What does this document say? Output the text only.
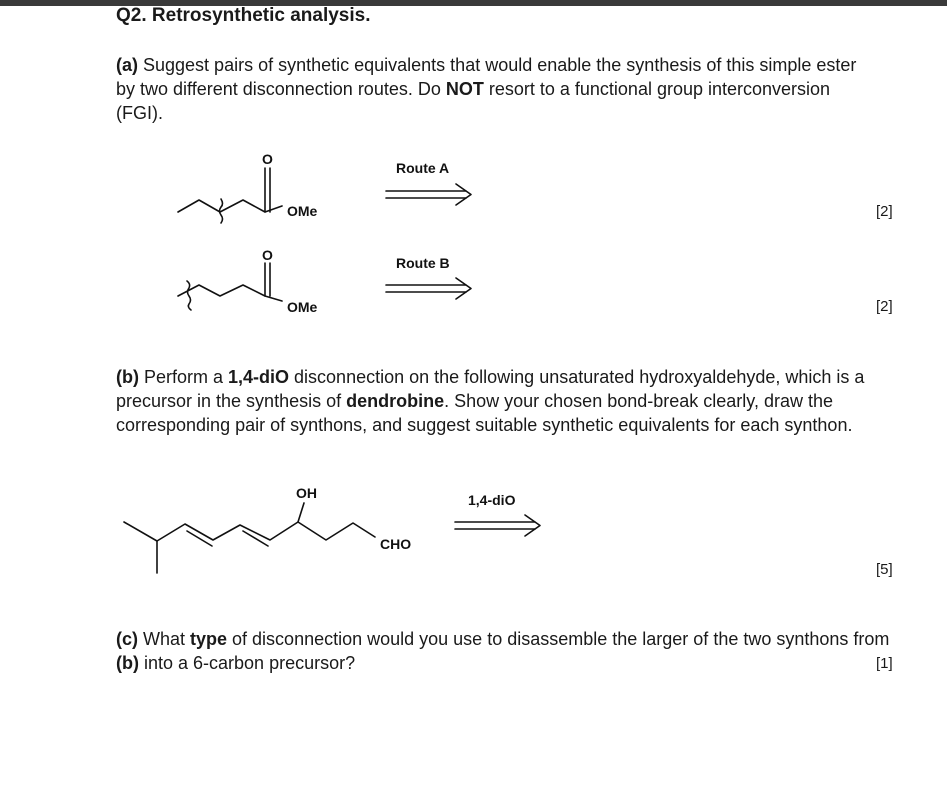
Q2. Retrosynthetic analysis.

(a) Suggest pairs of synthetic equivalents that would enable the synthesis of this simple ester by two different disconnection routes. Do NOT resort to a functional group interconversion (FGI).

(b) Perform a 1,4-diO disconnection on the following unsaturated hydroxyaldehyde, which is a precursor in the synthesis of dendrobine. Show your chosen bond-break clearly, draw the corresponding pair of synthons, and suggest suitable synthetic equivalents for each synthon.

(c) What type of disconnection would you use to disassemble the larger of the two synthons from (b) into a 6-carbon precursor?

[2]
[2]
[5]
[1]
O
OMe
O
OMe
Route A
Route B
OH
CHO
1,4-diO
